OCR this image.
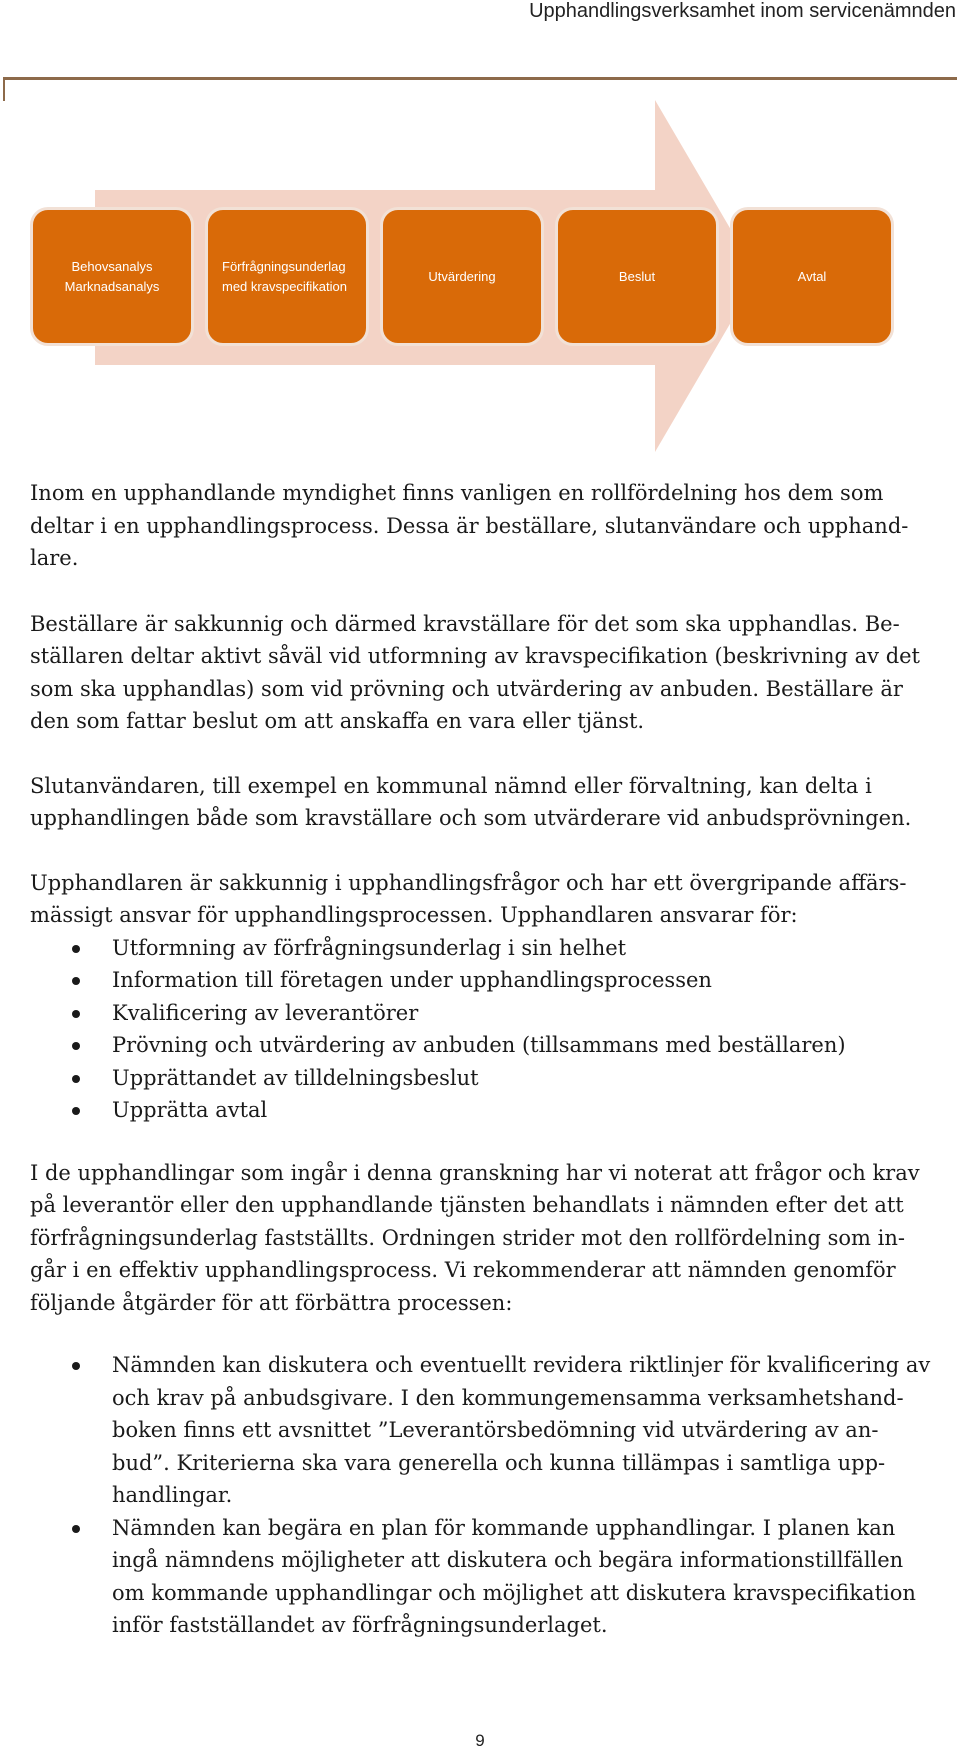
Upphandlingsverksamhet inom servicenämnden
Behovsanalys
Marknadsanalys
Förfrågningsunderlag
med kravspecifikation
Utvärdering	Beslut	Avtal

Inom en upphandlande myndighet finns vanligen en rollfördelning hos dem som
deltar i en upphandlingsprocess. Dessa är beställare, slutanvändare och upphand-
lare.

Beställare är sakkunnig och därmed kravställare för det som ska upphandlas. Be-
ställaren deltar aktivt såväl vid utformning av kravspecifikation (beskrivning av det
som ska upphandlas) som vid prövning och utvärdering av anbuden. Beställare är
den som fattar beslut om att anskaffa en vara eller tjänst.

Slutanvändaren, till exempel en kommunal nämnd eller förvaltning, kan delta i
upphandlingen både som kravställare och som utvärderare vid anbudsprövningen.

Upphandlaren är sakkunnig i upphandlingsfrågor och har ett övergripande affärs-
mässigt ansvar för upphandlingsprocessen. Upphandlaren ansvarar för:

Utformning av förfrågningsunderlag i sin helhet
Information till företagen under upphandlingsprocessen
Kvalificering av leverantörer
Prövning och utvärdering av anbuden (tillsammans med beställaren)
Upprättandet av tilldelningsbeslut
Upprätta avtal

I de upphandlingar som ingår i denna granskning har vi noterat att frågor och krav
på leverantör eller den upphandlande tjänsten behandlats i nämnden efter det att
förfrågningsunderlag fastställts. Ordningen strider mot den rollfördelning som in-
går i en effektiv upphandlingsprocess. Vi rekommenderar att nämnden genomför
följande åtgärder för att förbättra processen:

Nämnden kan diskutera och eventuellt revidera riktlinjer för kvalificering av
och krav på anbudsgivare. I den kommungemensamma verksamhetshand-
boken finns ett avsnittet ”Leverantörsbedömning vid utvärdering av an-
bud”. Kriterierna ska vara generella och kunna tillämpas i samtliga upp-
handlingar.
Nämnden kan begära en plan för kommande upphandlingar. I planen kan
ingå nämndens möjligheter att diskutera och begära informationstillfällen
om kommande upphandlingar och möjlighet att diskutera kravspecifikation
inför fastställandet av förfrågningsunderlaget.
9
